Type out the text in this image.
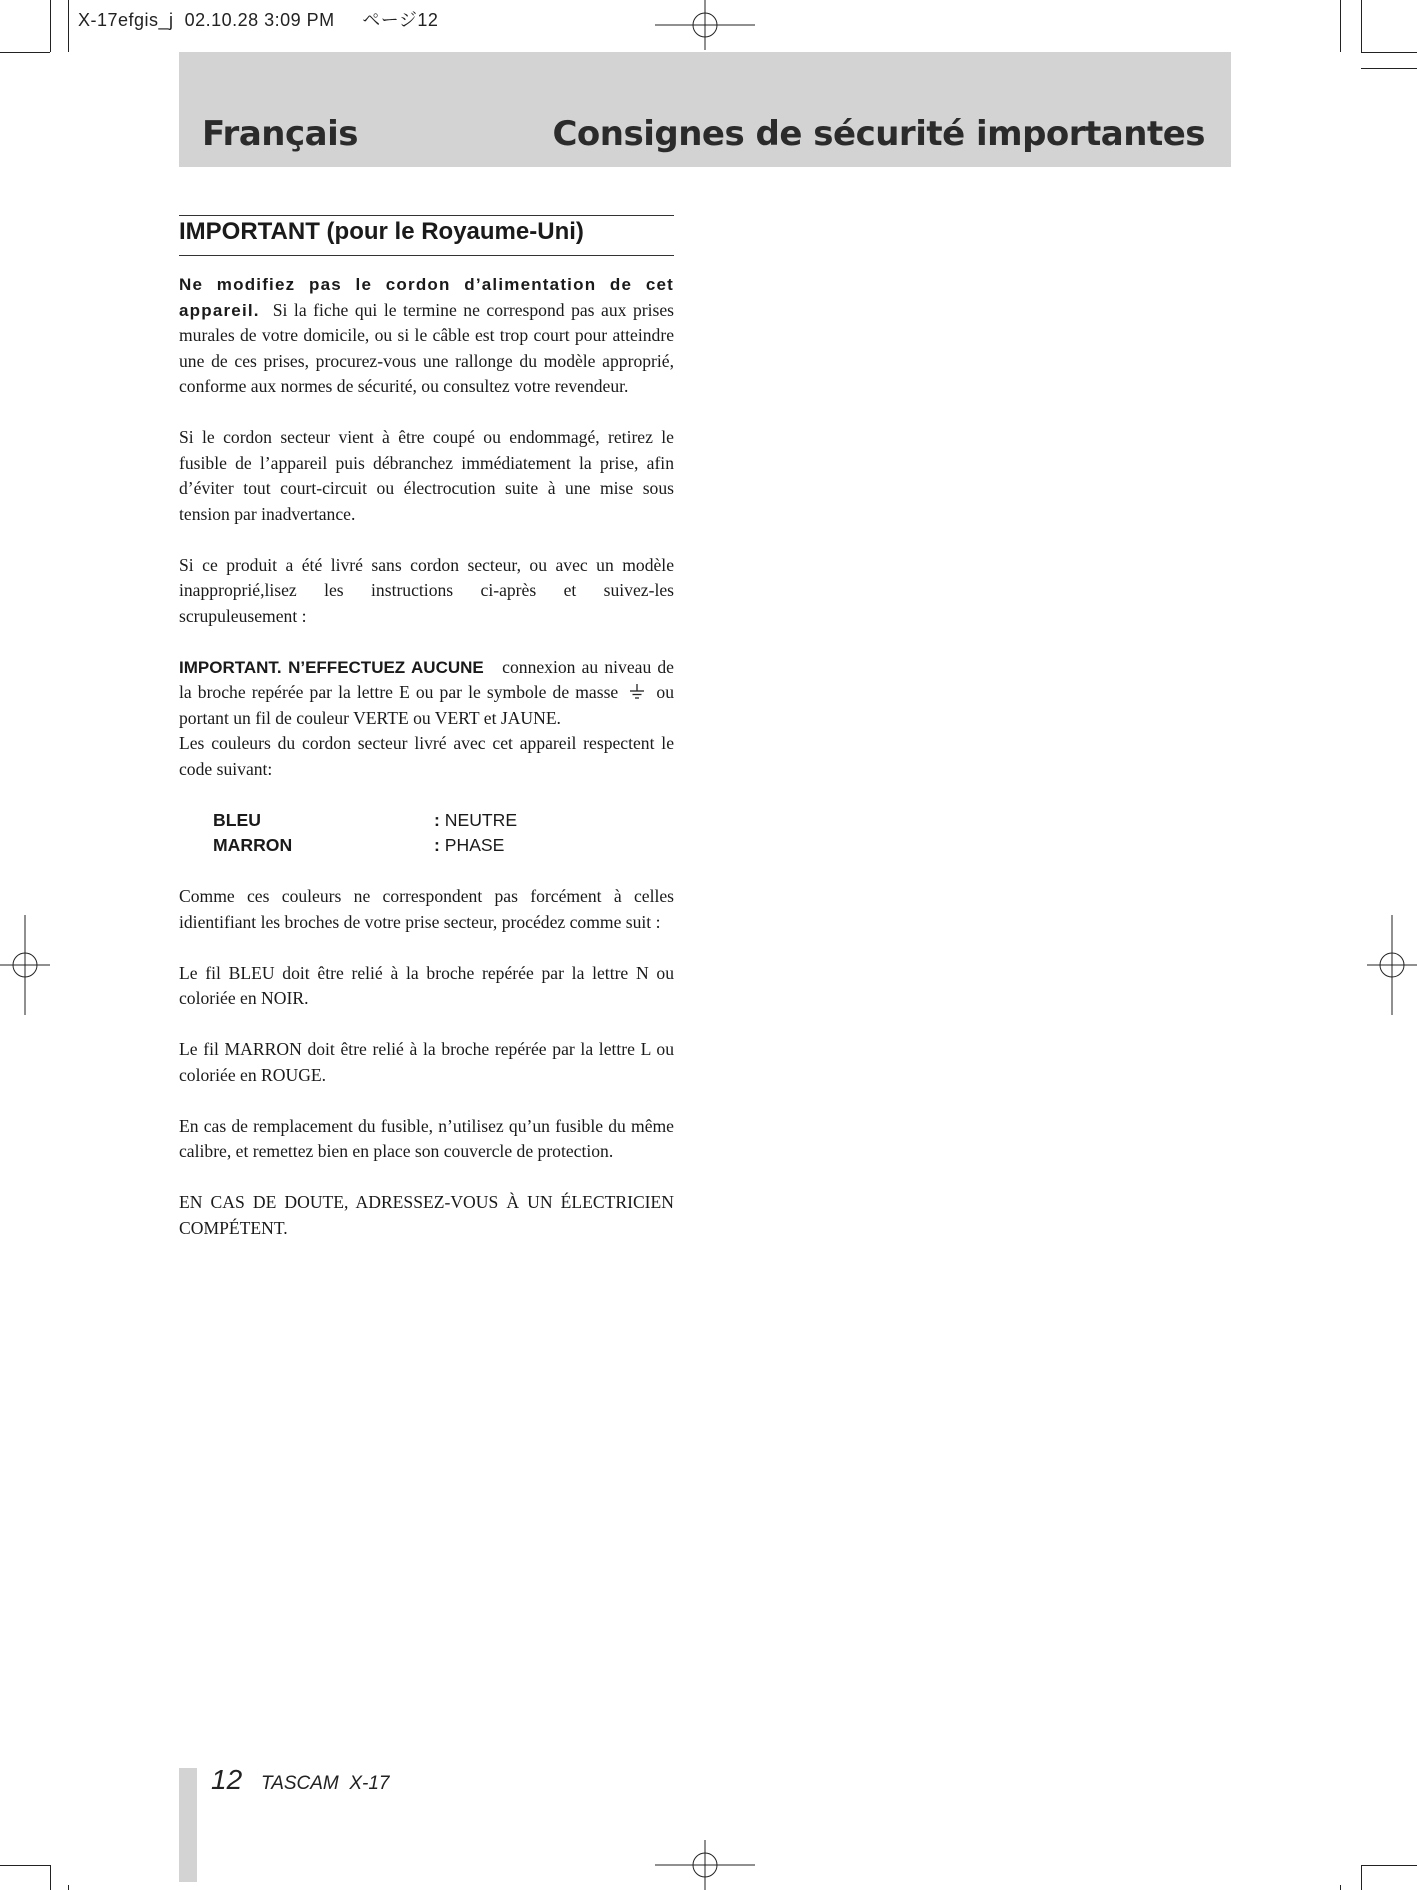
X-17efgis_j 02.10.28 3:09 PM ページ12
Français	Consignes de sécurité importantes
IMPORTANT (pour le Royaume-Uni)

Ne modifiez pas le cordon d’alimentation de cet appareil. Si la fiche qui le termine ne correspond pas aux prises murales de votre domicile, ou si le câble est trop court pour atteindre une de ces prises, procurez-vous une rallonge du modèle approprié, conforme aux normes de sécurité, ou consultez votre revendeur.

Si le cordon secteur vient à être coupé ou endommagé, retirez le fusible de l’appareil puis débranchez immédiatement la prise, afin d’éviter tout court-circuit ou électrocution suite à une mise sous tension par inadvertance.

Si ce produit a été livré sans cordon secteur, ou avec un modèle inapproprié,lisez les instructions ci-après et suivez-les scrupuleusement :

IMPORTANT. N’EFFECTUEZ AUCUNE connexion au niveau de la broche repérée par la lettre E ou par le symbole de masse ou portant un fil de couleur VERTE ou VERT et JAUNE.

Les couleurs du cordon secteur livré avec cet appareil respectent le code suivant:

BLEU	: NEUTRE
MARRON	: PHASE

Comme ces couleurs ne correspondent pas forcément à celles idientifiant les broches de votre prise secteur, procédez comme suit :

Le fil BLEU doit être relié à la broche repérée par la lettre N ou coloriée en NOIR.

Le fil MARRON doit être relié à la broche repérée par la lettre L ou coloriée en ROUGE.

En cas de remplacement du fusible, n’utilisez qu’un fusible du même calibre, et remettez bien en place son couvercle de protection.

EN CAS DE DOUTE, ADRESSEZ-VOUS À UN ÉLECTRICIEN COMPÉTENT.

12 TASCAM  X-17
